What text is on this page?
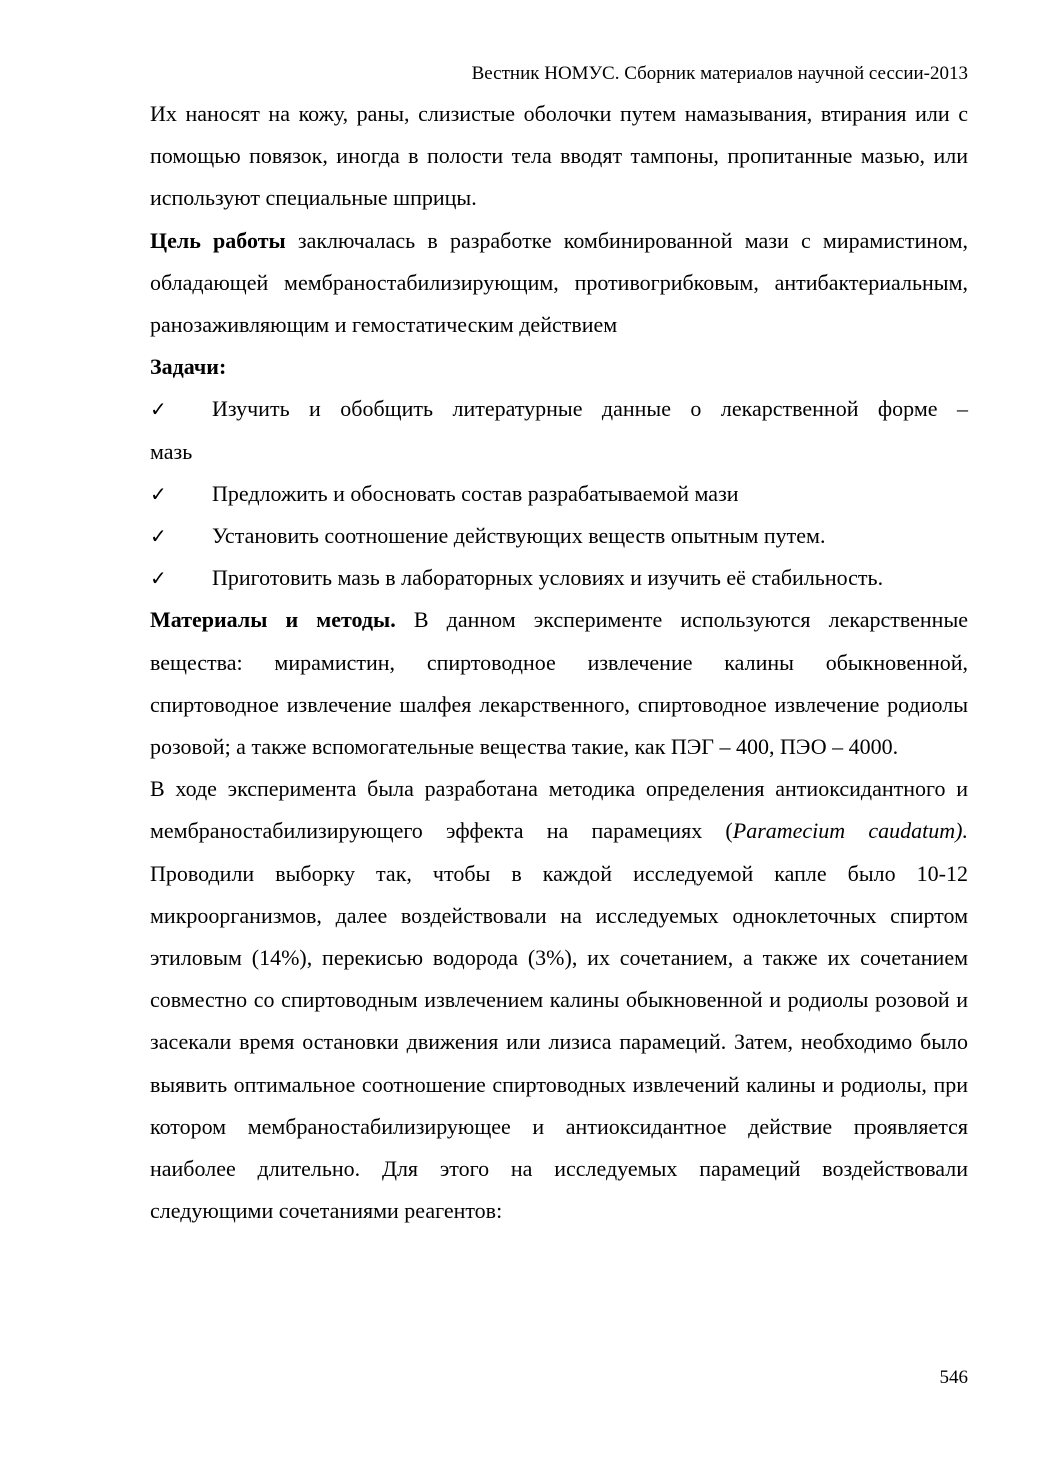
Вестник НОМУС. Сборник материалов научной сессии-2013

Их наносят на кожу, раны, слизистые оболочки путем намазывания, втирания или с помощью повязок, иногда в полости тела вводят тампоны, пропитанные мазью, или используют специальные шприцы.

Цель работы заключалась в разработке комбинированной мази с мирамистином, обладающей мембраностабилизирующим, противогрибковым, антибактериальным, ранозаживляющим и гемостатическим действием

Задачи:

✓	Изучить и обобщить литературные данные о лекарственной форме –
мазь
✓	Предложить и обосновать состав разрабатываемой мази
✓	Установить соотношение действующих веществ опытным путем.
✓	Приготовить мазь в лабораторных условиях и изучить её стабильность.

Материалы и методы. В данном эксперименте используются лекарственные вещества: мирамистин, спиртоводное извлечение калины обыкновенной, спиртоводное извлечение шалфея лекарственного, спиртоводное извлечение родиолы розовой; а также вспомогательные вещества такие, как ПЭГ – 400, ПЭО – 4000.

В ходе эксперимента была разработана методика определения антиоксидантного и мембраностабилизирующего эффекта на парамециях (Paramecium caudatum). Проводили выборку так, чтобы в каждой исследуемой капле было 10-12 микроорганизмов, далее воздействовали на исследуемых одноклеточных спиртом этиловым (14%), перекисью водорода (3%), их сочетанием, а также их сочетанием совместно со спиртоводным извлечением калины обыкновенной и родиолы розовой и засекали время остановки движения или лизиса парамеций. Затем, необходимо было выявить оптимальное соотношение спиртоводных извлечений калины и родиолы, при котором мембраностабилизирующее и антиоксидантное действие проявляется наиболее длительно. Для этого на исследуемых парамеций воздействовали следующими сочетаниями реагентов:

546
